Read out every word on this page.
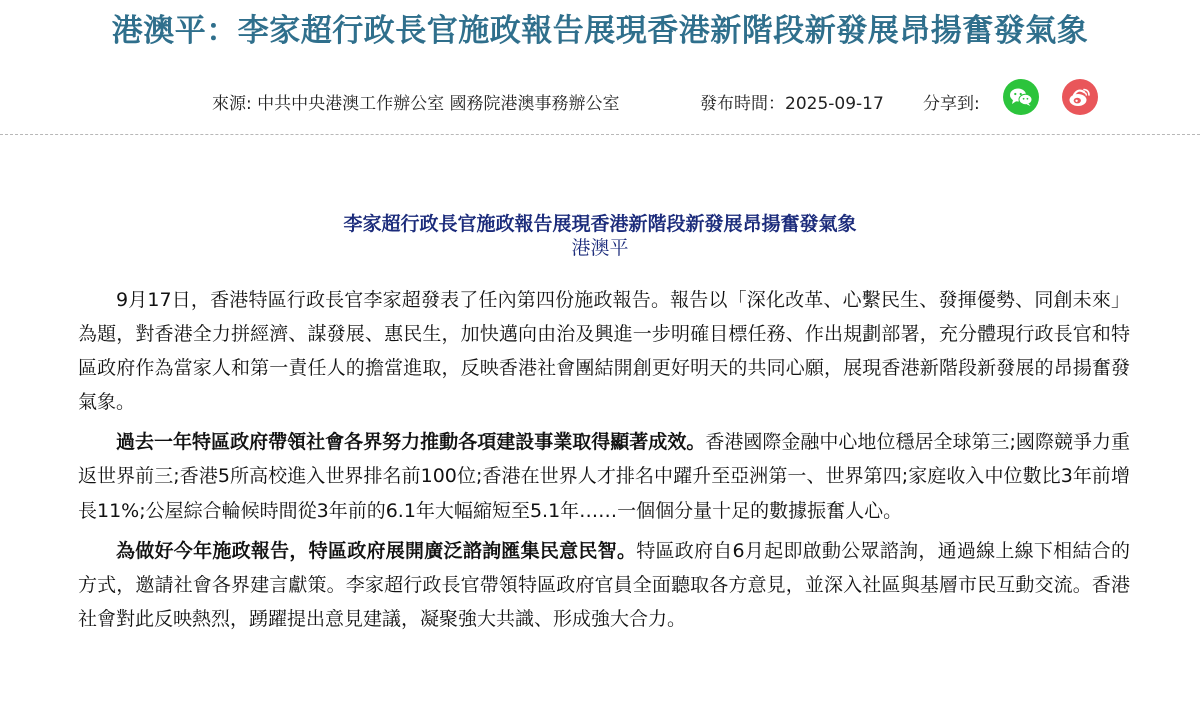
港澳平：李家超行政長官施政報告展現香港新階段新發展昂揚奮發氣象
來源: 中共中央港澳工作辦公室 國務院港澳事務辦公室	發布時間：2025-09-17 分享到:
李家超行政長官施政報告展現香港新階段新發展昂揚奮發氣象
港澳平

9月17日，香港特區行政長官李家超發表了任內第四份施政報告。報告以「深化改革、心繫民生、發揮優勢、同創未來」為題，對香港全力拼經濟、謀發展、惠民生，加快邁向由治及興進一步明確目標任務、作出規劃部署，充分體現行政長官和特區政府作為當家人和第一責任人的擔當進取，反映香港社會團結開創更好明天的共同心願，展現香港新階段新發展的昂揚奮發氣象。

過去一年特區政府帶領社會各界努力推動各項建設事業取得顯著成效。香港國際金融中心地位穩居全球第三;國際競爭力重返世界前三;香港5所高校進入世界排名前100位;香港在世界人才排名中躍升至亞洲第一、世界第四;家庭收入中位數比3年前增長11%;公屋綜合輪候時間從3年前的6.1年大幅縮短至5.1年……一個個分量十足的數據振奮人心。

為做好今年施政報告，特區政府展開廣泛諮詢匯集民意民智。特區政府自6月起即啟動公眾諮詢，通過線上線下相結合的方式，邀請社會各界建言獻策。李家超行政長官帶領特區政府官員全面聽取各方意見，並深入社區與基層市民互動交流。香港社會對此反映熱烈，踴躍提出意見建議，凝聚強大共識、形成強大合力。
